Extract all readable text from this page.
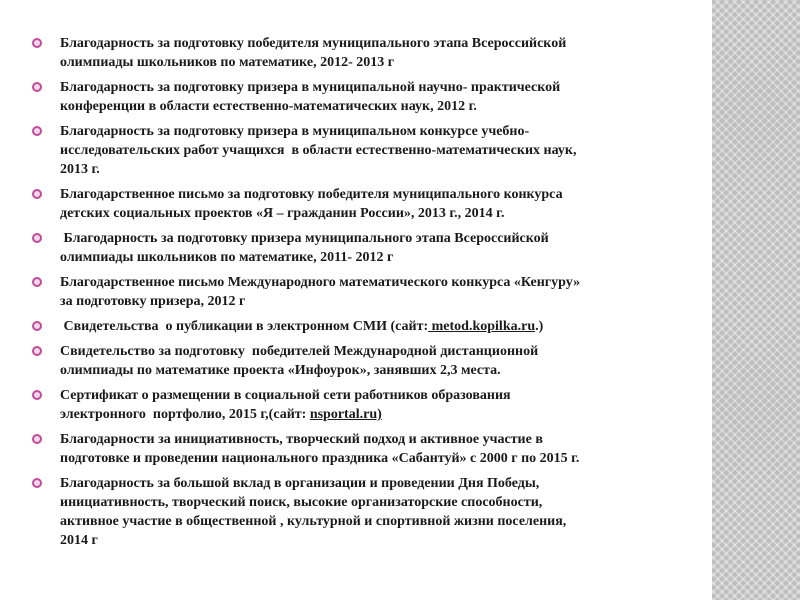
Благодарность за подготовку победителя муниципального этапа Всероссийской
олимпиады школьников по математике, 2012- 2013 г
Благодарность за подготовку призера в муниципальной научно- практической
конференции в области естественно-математических наук, 2012 г.
Благодарность за подготовку призера в муниципальном конкурсе учебно-
исследовательских работ учащихся  в области естественно-математических наук,
2013 г.
Благодарственное письмо за подготовку победителя муниципального конкурса
детских социальных проектов «Я – гражданин России», 2013 г., 2014 г.
Благодарность за подготовку призера муниципального этапа Всероссийской
олимпиады школьников по математике, 2011- 2012 г
Благодарственное письмо Международного математического конкурса «Кенгуру»
за подготовку призера, 2012 г
Свидетельства  о публикации в электронном СМИ (сайт: metod.kopilka.ru.)
Свидетельство за подготовку  победителей Международной дистанционной
олимпиады по математике проекта «Инфоурок», занявших 2,3 места.
Сертификат о размещении в социальной сети работников образования
электронного  портфолио, 2015 г,(сайт: nsportal.ru)
Благодарности за инициативность, творческий подход и активное участие в
подготовке и проведении национального праздника «Сабантуй» с 2000 г по 2015 г.
Благодарность за большой вклад в организации и проведении Дня Победы,
инициативность, творческий поиск, высокие организаторские способности,
активное участие в общественной , культурной и спортивной жизни поселения,
2014 г
